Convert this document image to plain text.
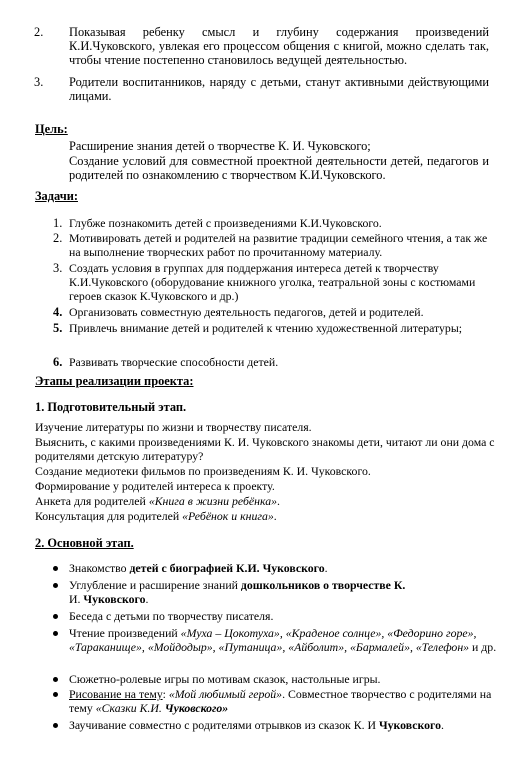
2. Показывая ребенку смысл и глубину содержания произведений К.И.Чуковского, увлекая его процессом общения с книгой, можно сделать так, чтобы чтение постепенно становилось ведущей деятельностью.
3. Родители воспитанников, наряду с детьми, станут активными действующими лицами.
Цель:
Расширение знания детей о творчестве К. И. Чуковского;
Создание условий для совместной проектной деятельности детей, педагогов и родителей по ознакомлению с творчеством К.И.Чуковского.
Задачи:
1. Глубже познакомить детей с произведениями К.И.Чуковского.
2. Мотивировать детей и родителей на развитие традиции семейного чтения, а так же на выполнение творческих работ по прочитанному материалу.
3. Создать условия в группах для поддержания интереса детей к творчеству К.И.Чуковского (оборудование книжного уголка, театральной зоны с костюмами героев сказок К.Чуковского и др.)
4. Организовать совместную деятельность педагогов, детей и родителей.
5. Привлечь внимание детей и родителей к чтению художественной литературы;
6. Развивать творческие способности детей.
Этапы реализации проекта:
1. Подготовительный этап.
Изучение литературы по жизни и творчеству писателя.
Выяснить, с какими произведениями К. И. Чуковского знакомы дети, читают ли они дома с родителями детскую литературу?
Создание медиотеки фильмов по произведениям К. И. Чуковского.
Формирование у родителей интереса к проекту.
Анкета для родителей «Книга в жизни ребёнка».
Консультация для родителей «Ребёнок и книга».
2. Основной этап.
Знакомство детей с биографией К.И. Чуковского.
Углубление и расширение знаний дошкольников о творчестве К.
И. Чуковского.
Беседа с детьми по творчеству писателя.
Чтение произведений «Муха – Цокотуха», «Краденое солнце», «Федорино горе», «Тараканище», «Мойдодыр», «Путаница», «Айболит», «Бармалей», «Телефон» и др.
Сюжетно-ролевые игры по мотивам сказок, настольные игры.
Рисование на тему: «Мой любимый герой». Совместное творчество с родителями на тему «Сказки К.И. Чуковского»
Заучивание совместно с родителями отрывков из сказок К. И Чуковского.
